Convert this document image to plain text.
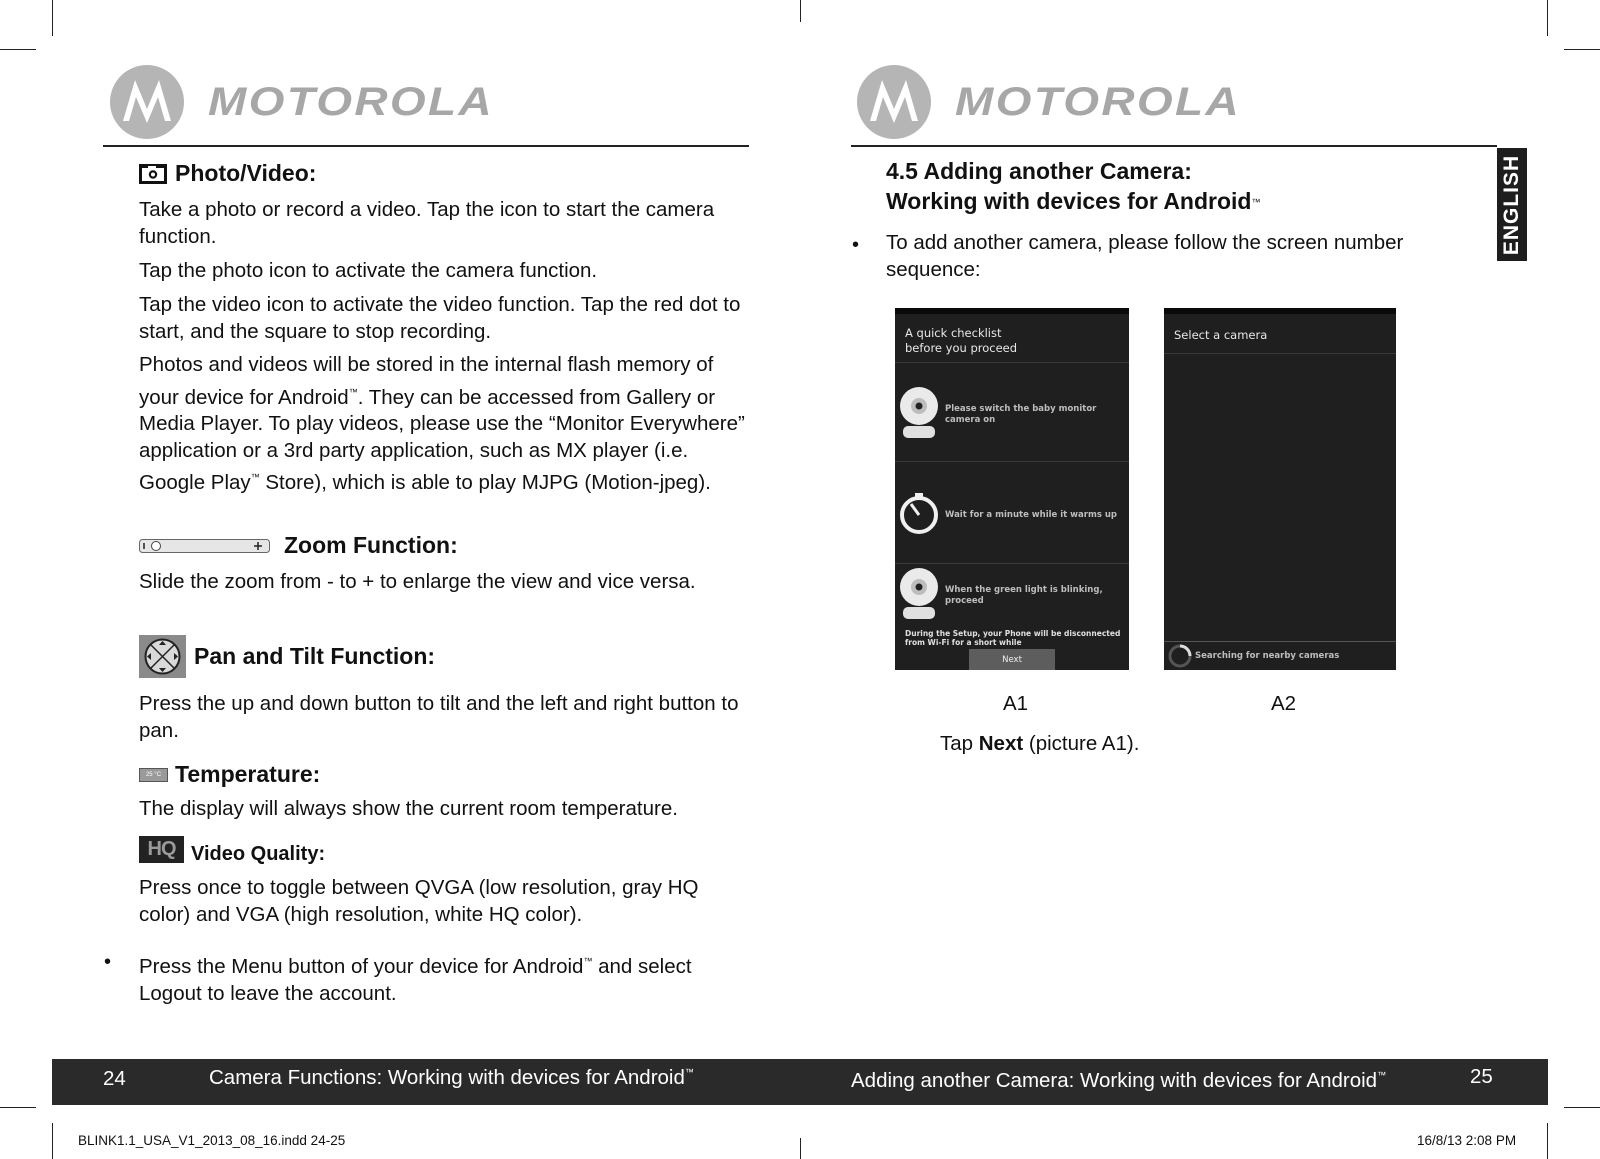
MOTOROLA	MOTOROLA
Photo/Video:
Take a photo or record a video. Tap the icon to start the camera function.
Tap the photo icon to activate the camera function.
Tap the video icon to activate the video function. Tap the red dot to start, and the square to stop recording.
Photos and videos will be stored in the internal flash memory of your device for Android™. They can be accessed from Gallery or Media Player. To play videos, please use the “Monitor Everywhere” application or a 3rd party application, such as MX player (i.e. Google Play™ Store), which is able to play MJPG (Motion-jpeg).
Zoom Function:
Slide the zoom from - to + to enlarge the view and vice versa.
Pan and Tilt Function:
Press the up and down button to tilt and the left and right button to pan.
25 °C Temperature:
The display will always show the current room temperature.
HQ Video Quality:
Press once to toggle between QVGA (low resolution, gray HQ color) and VGA (high resolution, white HQ color).
• Press the Menu button of your device for Android™ and select Logout to leave the account.
4.5 Adding another Camera:
Working with devices for Android ™
• To add another camera, please follow the screen number sequence:
ENGLISH
A quick checklist
before you proceed
Please switch the baby monitor camera on
Wait for a minute while it warms up
When the green light is blinking, proceed
During the Setup, your Phone will be disconnected from Wi-Fi for a short while
Next
Select a camera
Searching for nearby cameras
A1	A2
Tap Next (picture A1).
24	Camera Functions: Working with devices for Android™	Adding another Camera: Working with devices for Android™	25
BLINK1.1_USA_V1_2013_08_16.indd 24-25	16/8/13 2:08 PM
